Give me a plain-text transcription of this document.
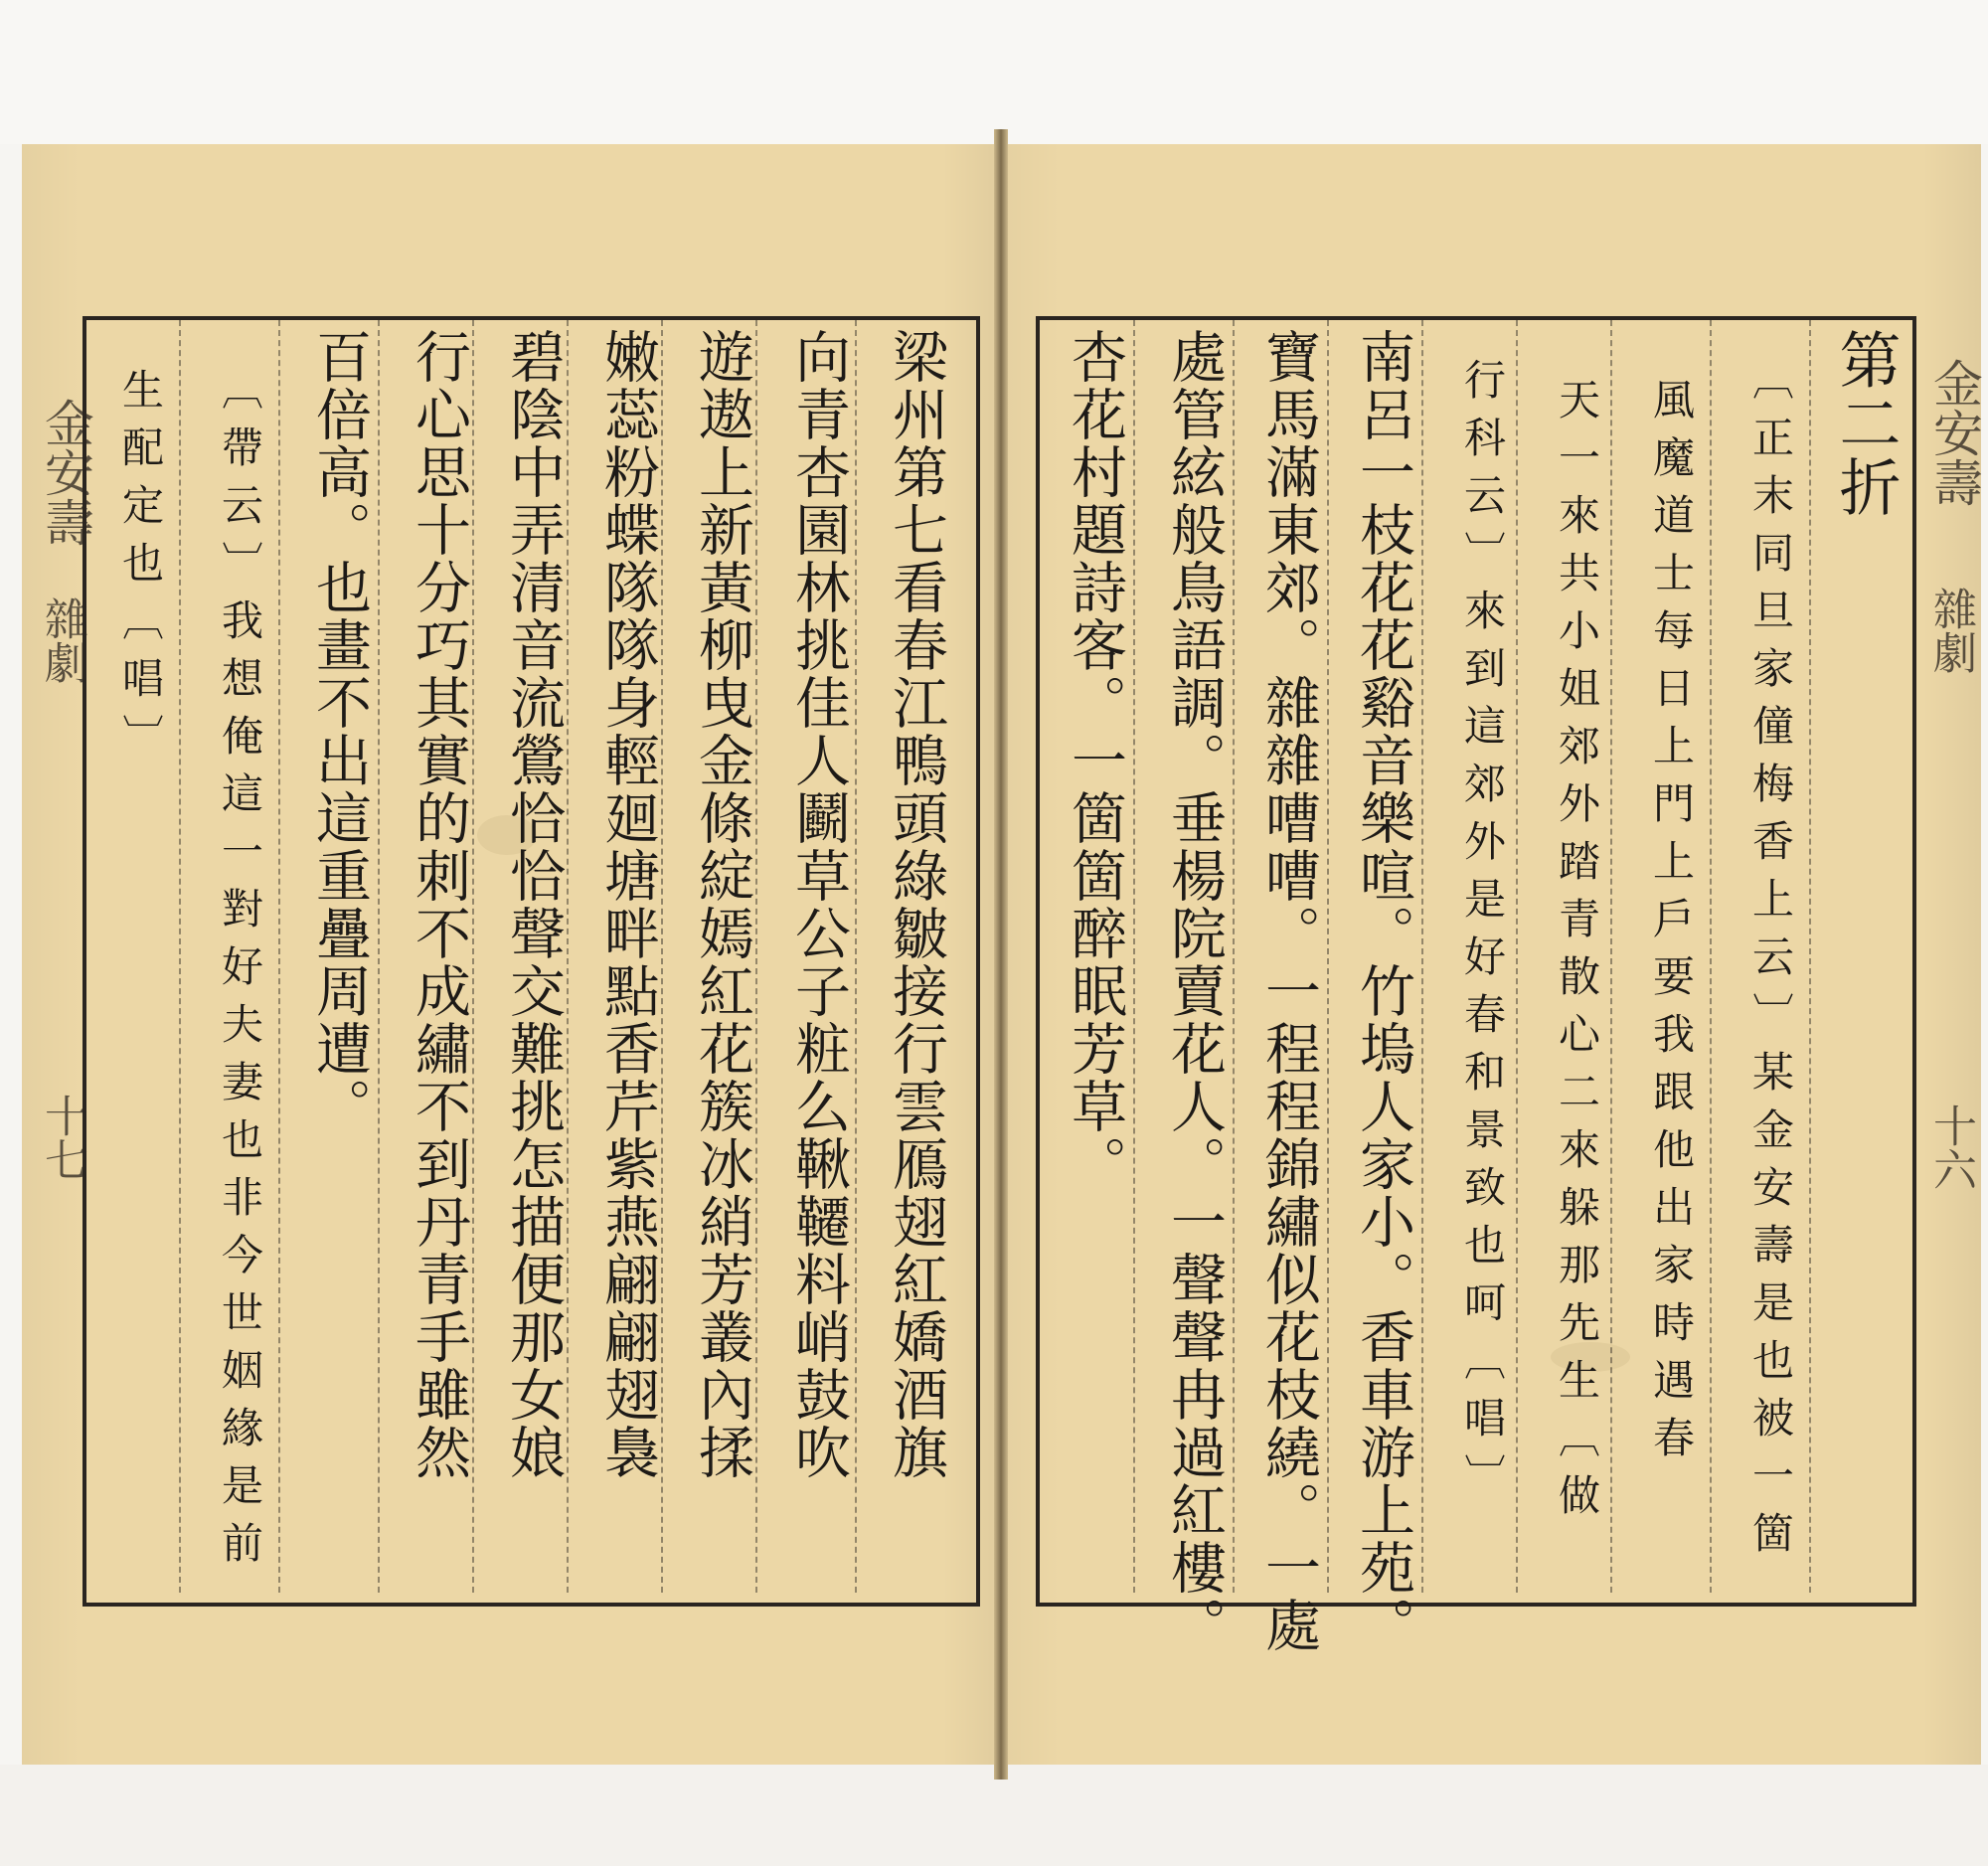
金安壽
雜劇
十七
金安壽
雜劇
十六
第二折
〔正末同旦家僮梅香上云〕某金安壽是也被一箇
風魔道士每日上門上戶要我跟他出家時遇春
天一來共小姐郊外踏青散心二來躲那先生〔做
行科云〕來到這郊外是好春和景致也呵〔唱〕
南呂一枝花花谿音樂喧。竹塢人家小。香車游上苑。
寶馬滿東郊。雜雜嘈嘈。一程程錦繡似花枝繞。一處
處管絃般鳥語調。垂楊院賣花人。一聲聲冉過紅樓。
杏花村題詩客。一箇箇醉眠芳草。
梁州第七看春江鴨頭綠皺接行雲鴈翅紅嬌酒旗
向青杏園林挑佳人鬬草公子粧么鞦韆料峭鼓吹
遊遨上新黃柳曳金條綻嫣紅花簇冰綃芳叢內揉
嫩蕊粉蝶隊隊身輕廻塘畔點香芹紫燕翩翩翅裊
碧陰中弄清音流鶯恰恰聲交難挑怎描便那女娘
行心思十分巧其實的刺不成繡不到丹青手雖然
百倍高。也畫不出這重疊周遭。
〔帶云〕我想俺這一對好夫妻也非今世姻緣是前
生配定也〔唱〕
